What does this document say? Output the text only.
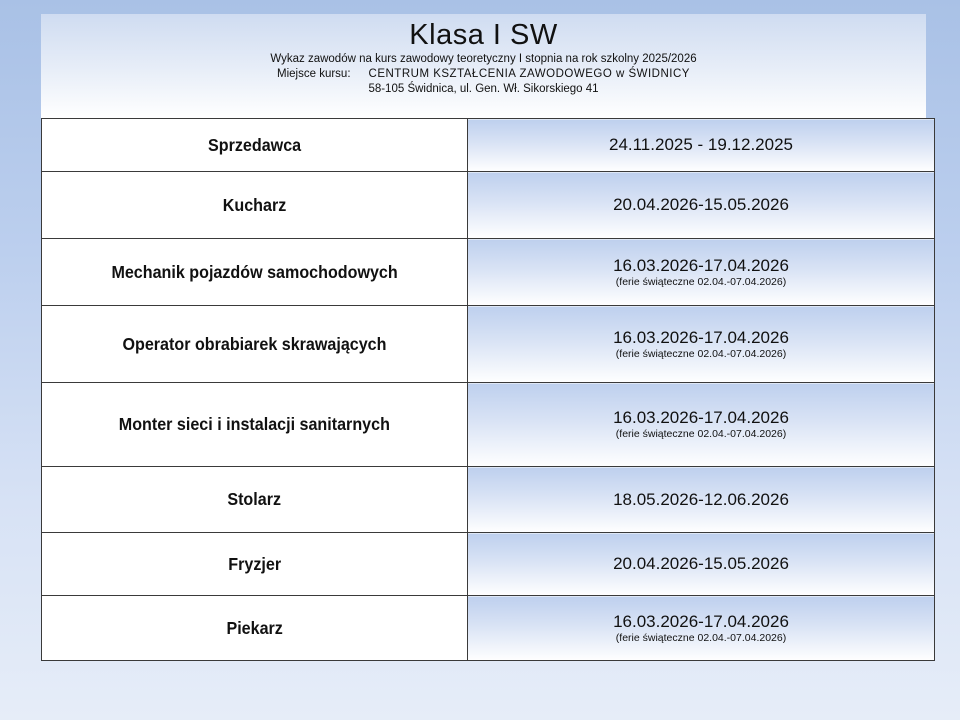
Klasa I SW
Wykaz zawodów na kurs zawodowy teoretyczny I stopnia na rok szkolny 2025/2026
Miejsce kursu: CENTRUM KSZTAŁCENIA ZAWODOWEGO w ŚWIDNICY
58-105 Świdnica, ul. Gen. Wł. Sikorskiego 41
Sprzedawca	24.11.2025 - 19.12.2025

Kucharz	20.04.2026-15.05.2026

Mechanik pojazdów samochodowych	16.03.2026-17.04.2026
(ferie świąteczne 02.04.-07.04.2026)

Operator obrabiarek skrawających	16.03.2026-17.04.2026
(ferie świąteczne 02.04.-07.04.2026)

Monter sieci i instalacji sanitarnych	16.03.2026-17.04.2026
(ferie świąteczne 02.04.-07.04.2026)

Stolarz	18.05.2026-12.06.2026

Fryzjer	20.04.2026-15.05.2026

Piekarz	16.03.2026-17.04.2026
(ferie świąteczne 02.04.-07.04.2026)
